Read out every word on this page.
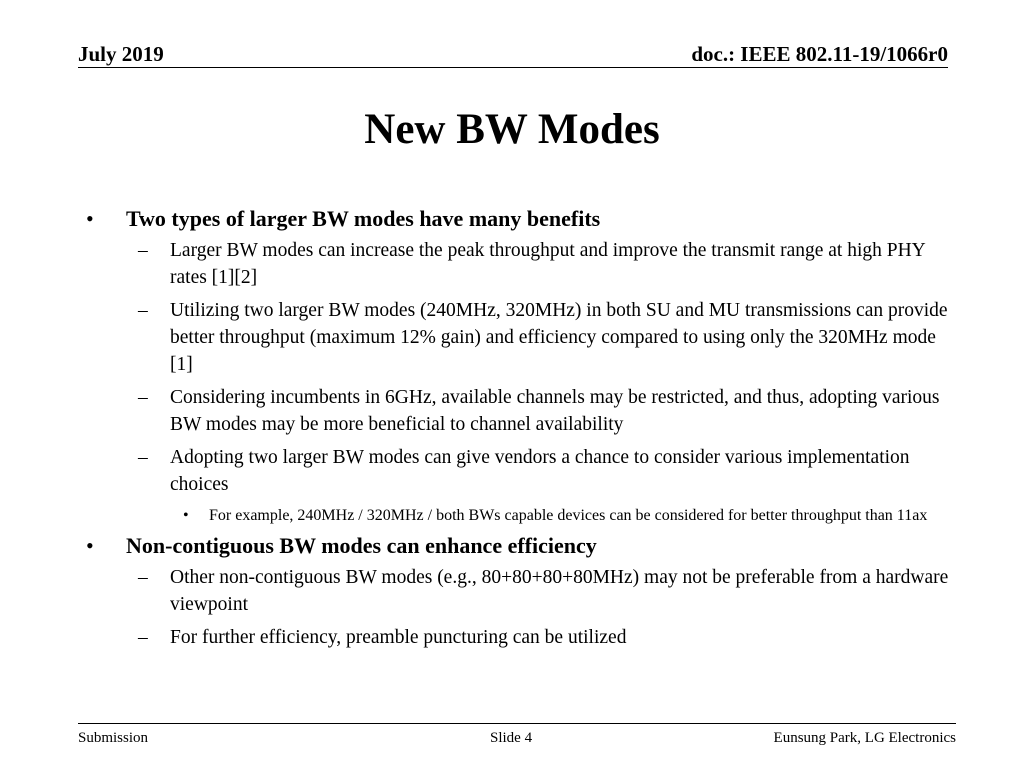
July 2019	doc.: IEEE 802.11-19/1066r0
New BW Modes
• Two types of larger BW modes have many benefits
– Larger BW modes can increase the peak throughput and improve the transmit range at high PHY rates [1][2]
– Utilizing two larger BW modes (240MHz, 320MHz) in both SU and MU transmissions can provide better throughput (maximum 12% gain) and efficiency compared to using only the 320MHz mode [1]
– Considering incumbents in 6GHz, available channels may be restricted, and thus, adopting various BW modes may be more beneficial to channel availability
– Adopting two larger BW modes can give vendors a chance to consider various implementation choices
• For example, 240MHz / 320MHz / both BWs capable devices can be considered for better throughput than 11ax
• Non-contiguous BW modes can enhance efficiency
– Other non-contiguous BW modes (e.g., 80+80+80+80MHz) may not be preferable from a hardware viewpoint
– For further efficiency, preamble puncturing can be utilized
Submission	Slide 4	Eunsung Park, LG Electronics
